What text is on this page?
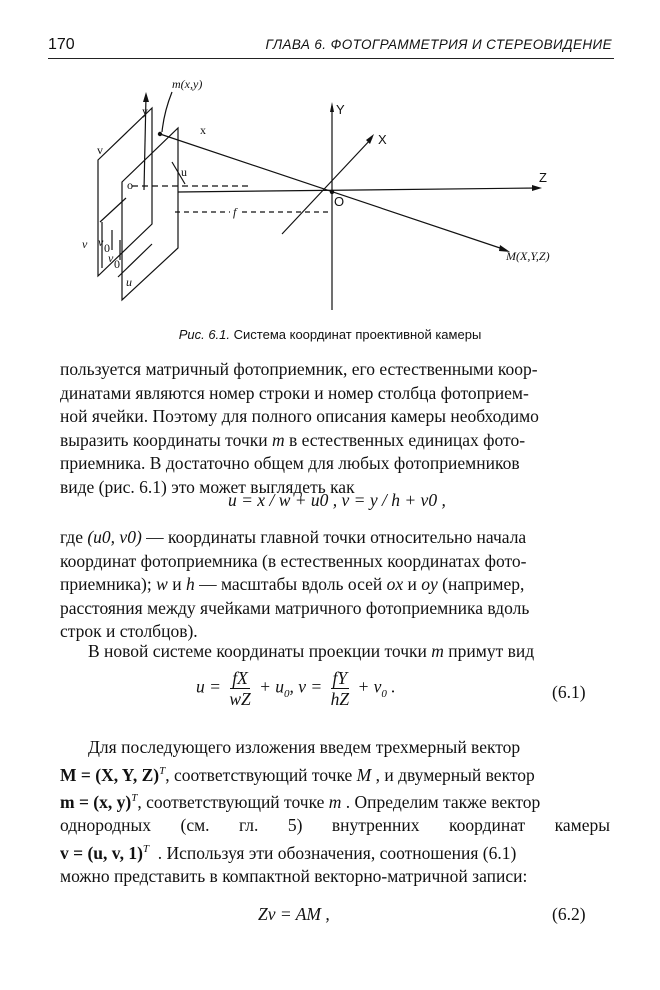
170	ГЛАВА 6. ФОТОГРАММЕТРИЯ И СТЕРЕОВИДЕНИЕ
m(x,y)
y
x
v
u
o
Y
X
Z
O
f
M(X,Y,Z)
v v 0
v 0
u
Рис. 6.1. Система координат проективной камеры
пользуется матричный фотоприемник, его естественными коор-
динатами являются номер строки и номер столбца фотоприем-
ной ячейки. Поэтому для полного описания камеры необходимо
выразить координаты точки m в естественных единицах фото-
приемника. В достаточно общем для любых фотоприемников
виде (рис. 6.1) это может выглядеть как
u = x / w + u0 , v = y / h + v0 ,
где (u0, v0) — координаты главной точки относительно начала
координат фотоприемника (в естественных координатах фото-
приемника); w и h — масштабы вдоль осей ox и oy (например,
расстояния между ячейками матричного фотоприемника вдоль
строк и столбцов).
В новой системе координаты проекции точки m примут вид
$u = \frac{fX}{wZ} + u_0$, $v = \frac{fY}{hZ} + v_0$ .	(6.1)
Для последующего изложения введем трехмерный вектор
M = (X, Y, Z)$^T$, соответствующий точке M , и двумерный вектор
m = (x, y)$^T$, соответствующий точке m . Определим также вектор
однородных (см. гл. 5) внутренних координат камеры
v = (u, v, 1)$^T$ . Используя эти обозначения, соотношения (6.1)
можно представить в компактной векторно-матричной записи:
Zv = AM ,	(6.2)
